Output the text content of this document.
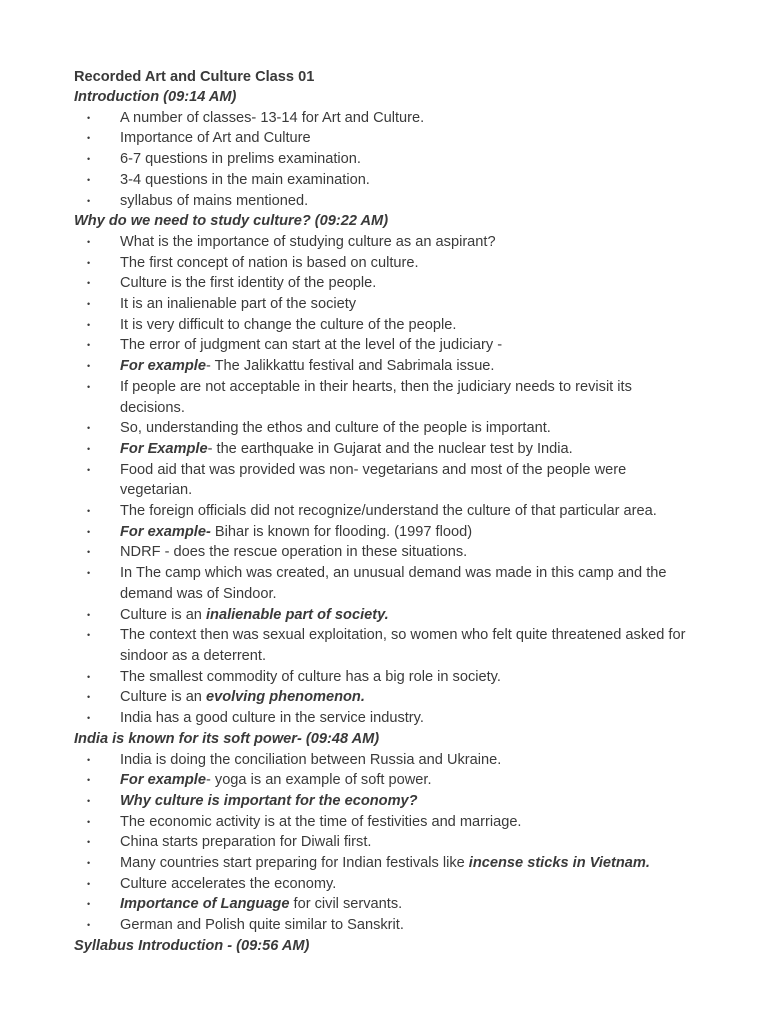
Recorded Art and Culture Class 01
Introduction (09:14 AM)
• A number of classes- 13-14 for Art and Culture.
• Importance of Art and Culture
• 6-7 questions in prelims examination.
• 3-4 questions in the main examination.
• syllabus of mains mentioned.
Why do we need to study culture? (09:22 AM)
• What is the importance of studying culture as an aspirant?
• The first concept of nation is based on culture.
• Culture is the first identity of the people.
• It is an inalienable part of the society
• It is very difficult to change the culture of the people.
• The error of judgment can start at the level of the judiciary -
• For example- The Jalikkattu festival and Sabrimala issue.
• If people are not acceptable in their hearts, then the judiciary needs to revisit its decisions.
• So, understanding the ethos and culture of the people is important.
• For Example- the earthquake in Gujarat and the nuclear test by India.
• Food aid that was provided was non- vegetarians and most of the people were vegetarian.
• The foreign officials did not recognize/understand the culture of that particular area.
• For example- Bihar is known for flooding. (1997 flood)
• NDRF - does the rescue operation in these situations.
• In The camp which was created, an unusual demand was made in this camp and the demand was of Sindoor.
• Culture is an inalienable part of society.
• The context then was sexual exploitation, so women who felt quite threatened asked for sindoor as a deterrent.
• The smallest commodity of culture has a big role in society.
• Culture is an evolving phenomenon.
• India has a good culture in the service industry.
India is known for its soft power- (09:48 AM)
• India is doing the conciliation between Russia and Ukraine.
• For example- yoga is an example of soft power.
• Why culture is important for the economy?
• The economic activity is at the time of festivities and marriage.
• China starts preparation for Diwali first.
• Many countries start preparing for Indian festivals like incense sticks in Vietnam.
• Culture accelerates the economy.
• Importance of Language for civil servants.
• German and Polish quite similar to Sanskrit.
Syllabus Introduction - (09:56 AM)
